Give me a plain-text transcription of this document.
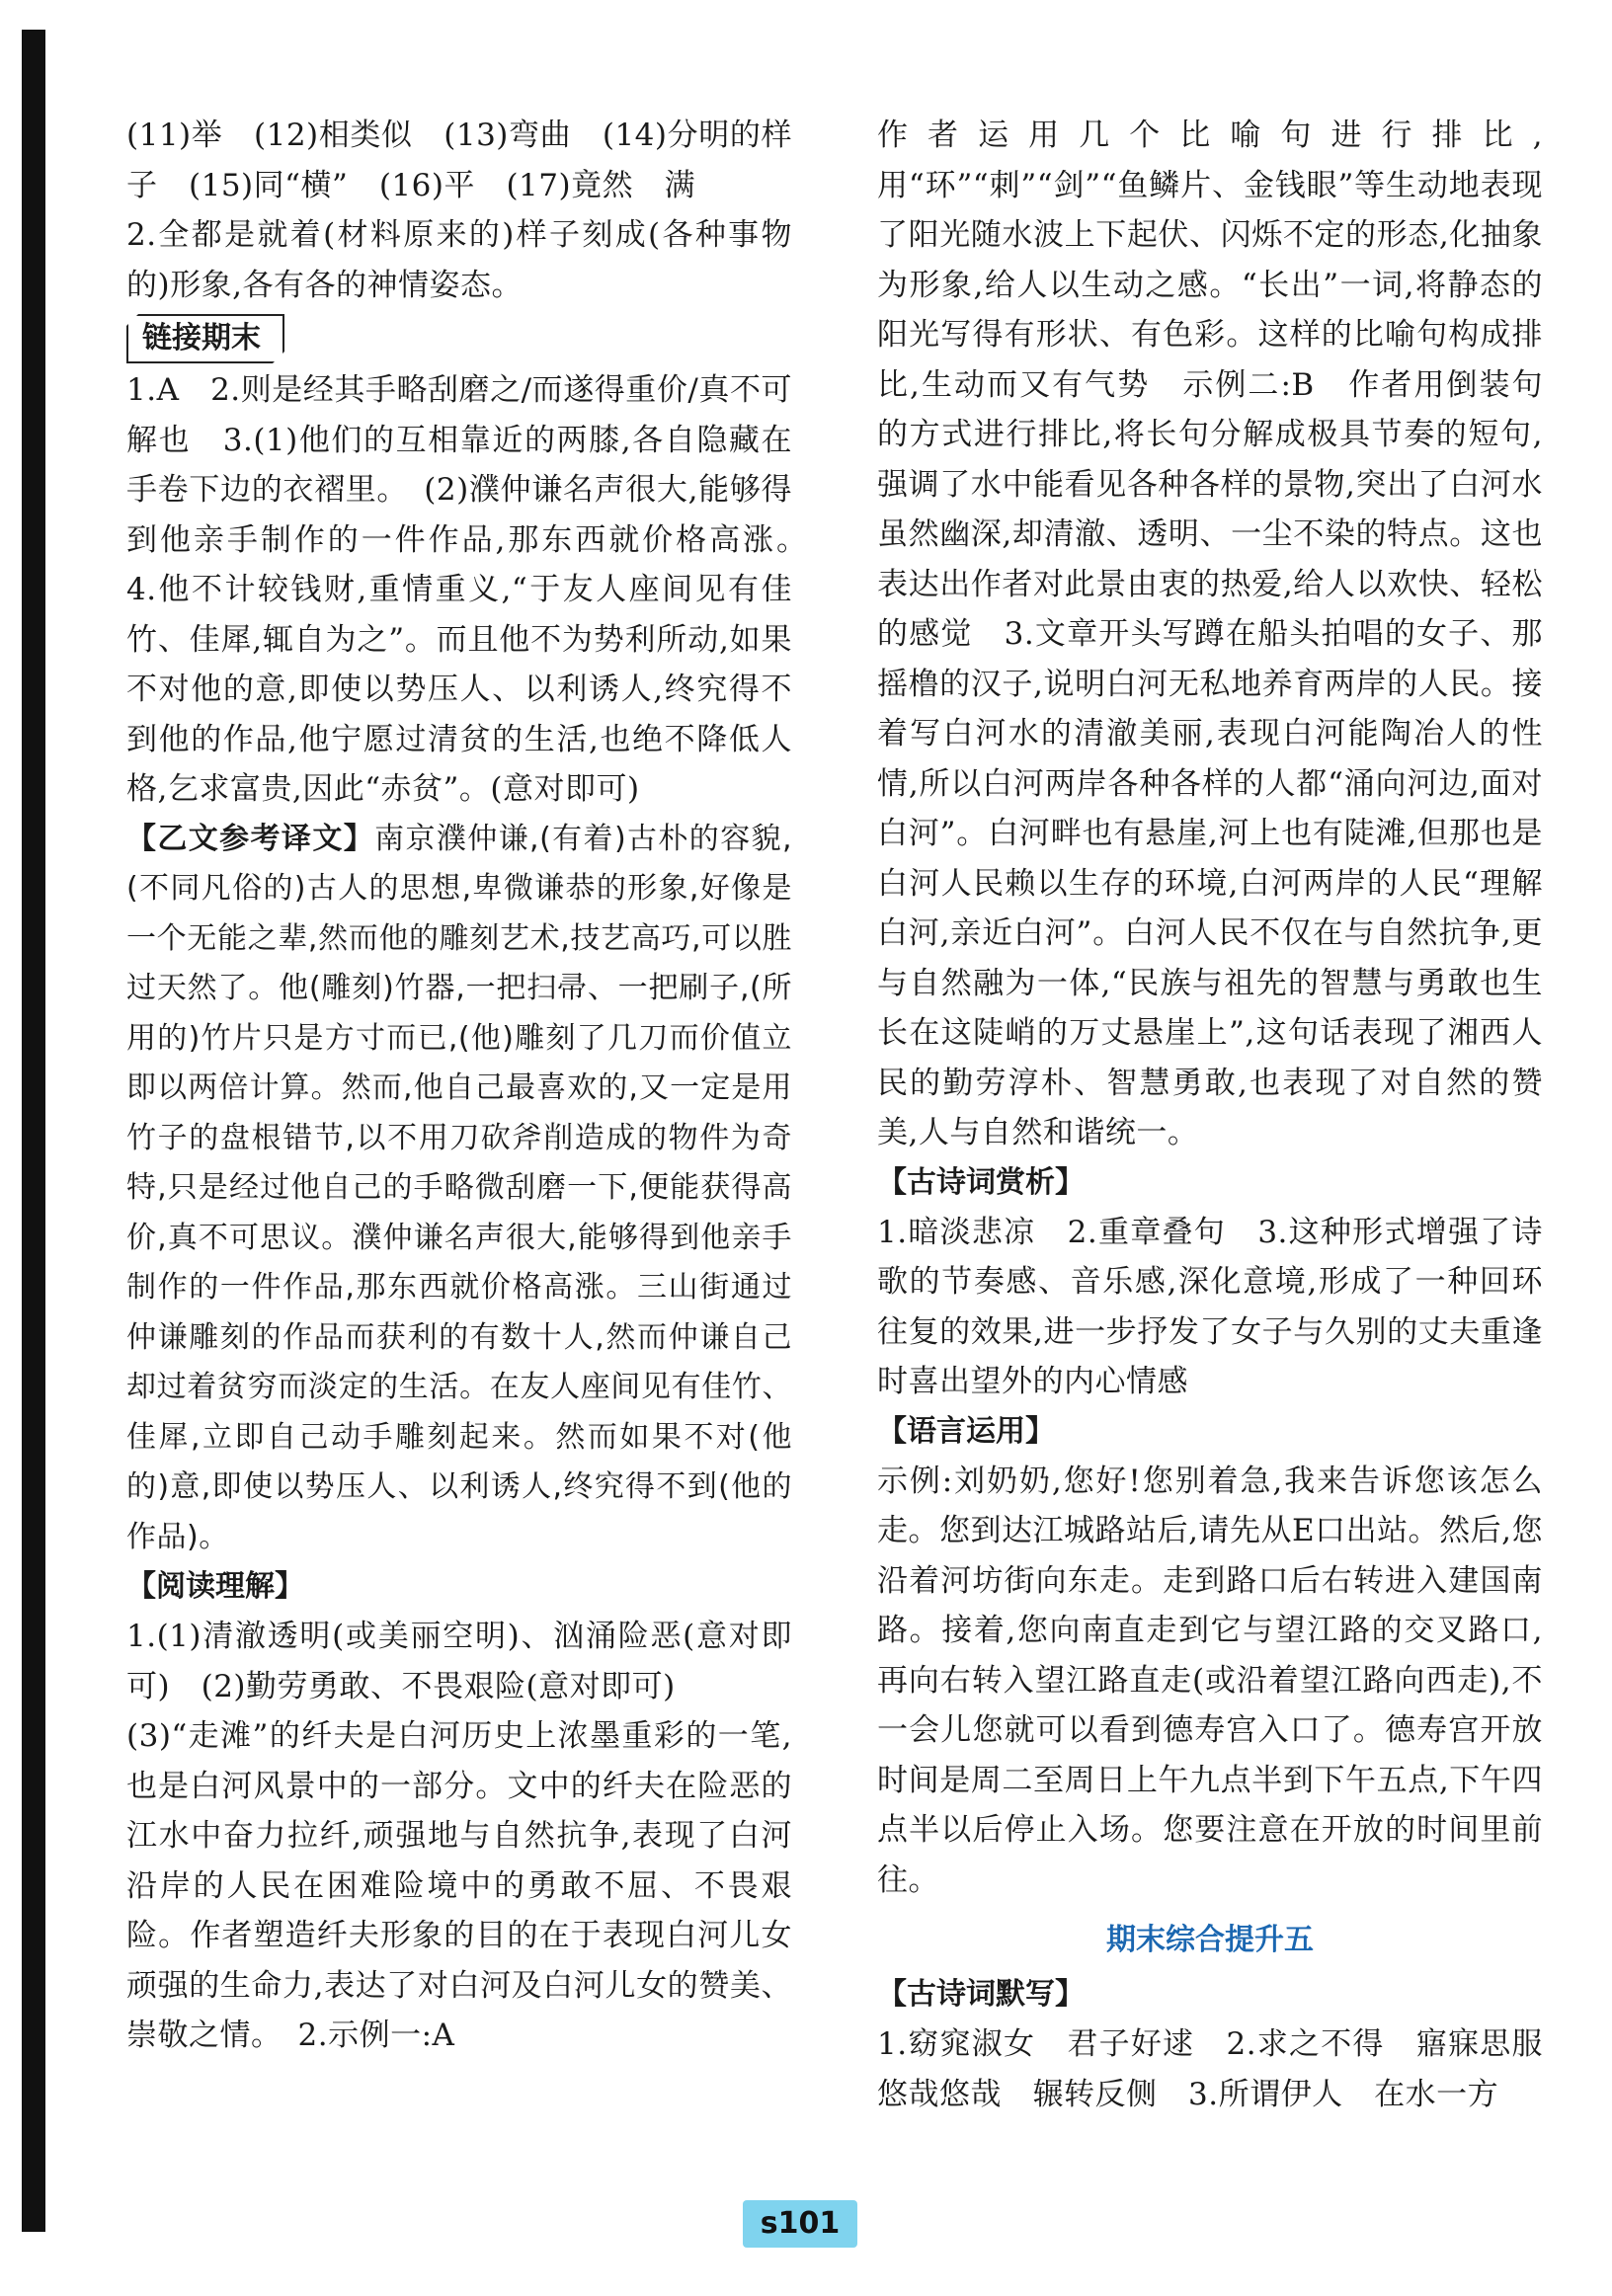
(11)举　(12)相类似　(13)弯曲　(14)分明的样子　(15)同“横”　(16)平　(17)竟然　满

2.全都是就着(材料原来的)样子刻成(各种事物的)形象,各有各的神情姿态。

链接期末

1.A　2.则是经其手略刮磨之/而遂得重价/真不可解也　3.(1)他们的互相靠近的两膝,各自隐藏在手卷下边的衣褶里。　(2)濮仲谦名声很大,能够得到他亲手制作的一件作品,那东西就价格高涨。　4.他不计较钱财,重情重义,“于友人座间见有佳竹、佳犀,辄自为之”。而且他不为势利所动,如果不对他的意,即使以势压人、以利诱人,终究得不到他的作品,他宁愿过清贫的生活,也绝不降低人格,乞求富贵,因此“赤贫”。(意对即可)

【乙文参考译文】南京濮仲谦,(有着)古朴的容貌,(不同凡俗的)古人的思想,卑微谦恭的形象,好像是一个无能之辈,然而他的雕刻艺术,技艺高巧,可以胜过天然了。他(雕刻)竹器,一把扫帚、一把刷子,(所用的)竹片只是方寸而已,(他)雕刻了几刀而价值立即以两倍计算。然而,他自己最喜欢的,又一定是用竹子的盘根错节,以不用刀砍斧削造成的物件为奇特,只是经过他自己的手略微刮磨一下,便能获得高价,真不可思议。濮仲谦名声很大,能够得到他亲手制作的一件作品,那东西就价格高涨。三山街通过仲谦雕刻的作品而获利的有数十人,然而仲谦自己却过着贫穷而淡定的生活。在友人座间见有佳竹、佳犀,立即自己动手雕刻起来。然而如果不对(他的)意,即使以势压人、以利诱人,终究得不到(他的作品)。

【阅读理解】

1.(1)清澈透明(或美丽空明)、汹涌险恶(意对即可)　(2)勤劳勇敢、不畏艰险(意对即可)

(3)“走滩”的纤夫是白河历史上浓墨重彩的一笔,也是白河风景中的一部分。文中的纤夫在险恶的江水中奋力拉纤,顽强地与自然抗争,表现了白河沿岸的人民在困难险境中的勇敢不屈、不畏艰险。作者塑造纤夫形象的目的在于表现白河儿女顽强的生命力,表达了对白河及白河儿女的赞美、崇敬之情。　2.示例一:A

作者运用几个比喻句进行排比,用“环”“刺”“剑”“鱼鳞片、金钱眼”等生动地表现了阳光随水波上下起伏、闪烁不定的形态,化抽象为形象,给人以生动之感。“长出”一词,将静态的阳光写得有形状、有色彩。这样的比喻句构成排比,生动而又有气势　示例二:B　作者用倒装句的方式进行排比,将长句分解成极具节奏的短句,强调了水中能看见各种各样的景物,突出了白河水虽然幽深,却清澈、透明、一尘不染的特点。这也表达出作者对此景由衷的热爱,给人以欢快、轻松的感觉　3.文章开头写蹲在船头拍唱的女子、那摇橹的汉子,说明白河无私地养育两岸的人民。接着写白河水的清澈美丽,表现白河能陶冶人的性情,所以白河两岸各种各样的人都“涌向河边,面对白河”。白河畔也有悬崖,河上也有陡滩,但那也是白河人民赖以生存的环境,白河两岸的人民“理解白河,亲近白河”。白河人民不仅在与自然抗争,更与自然融为一体,“民族与祖先的智慧与勇敢也生长在这陡峭的万丈悬崖上”,这句话表现了湘西人民的勤劳淳朴、智慧勇敢,也表现了对自然的赞美,人与自然和谐统一。

【古诗词赏析】

1.暗淡悲凉　2.重章叠句　3.这种形式增强了诗歌的节奏感、音乐感,深化意境,形成了一种回环往复的效果,进一步抒发了女子与久别的丈夫重逢时喜出望外的内心情感

【语言运用】

示例:刘奶奶,您好!您别着急,我来告诉您该怎么走。您到达江城路站后,请先从E口出站。然后,您沿着河坊街向东走。走到路口后右转进入建国南路。接着,您向南直走到它与望江路的交叉路口,再向右转入望江路直走(或沿着望江路向西走),不一会儿您就可以看到德寿宫入口了。德寿宫开放时间是周二至周日上午九点半到下午五点,下午四点半以后停止入场。您要注意在开放的时间里前往。

期末综合提升五

【古诗词默写】

1.窈窕淑女　君子好逑　2.求之不得　寤寐思服　悠哉悠哉　辗转反侧　3.所谓伊人　在水一方

s101
